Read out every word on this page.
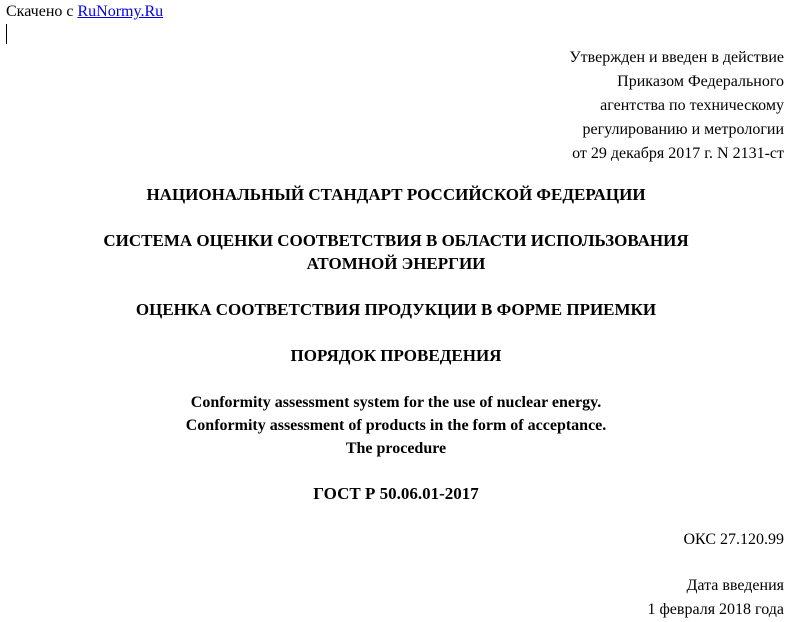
Скачено с RuNormy.Ru
Утвержден и введен в действие
Приказом Федерального
агентства по техническому
регулированию и метрологии
от 29 декабря 2017 г. N 2131-ст
НАЦИОНАЛЬНЫЙ СТАНДАРТ РОССИЙСКОЙ ФЕДЕРАЦИИ
СИСТЕМА ОЦЕНКИ СООТВЕТСТВИЯ В ОБЛАСТИ ИСПОЛЬЗОВАНИЯ
АТОМНОЙ ЭНЕРГИИ
ОЦЕНКА СООТВЕТСТВИЯ ПРОДУКЦИИ В ФОРМЕ ПРИЕМКИ
ПОРЯДОК ПРОВЕДЕНИЯ
Conformity assessment system for the use of nuclear energy.
Conformity assessment of products in the form of acceptance.
The procedure
ГОСТ Р 50.06.01-2017
ОКС 27.120.99
Дата введения
1 февраля 2018 года
